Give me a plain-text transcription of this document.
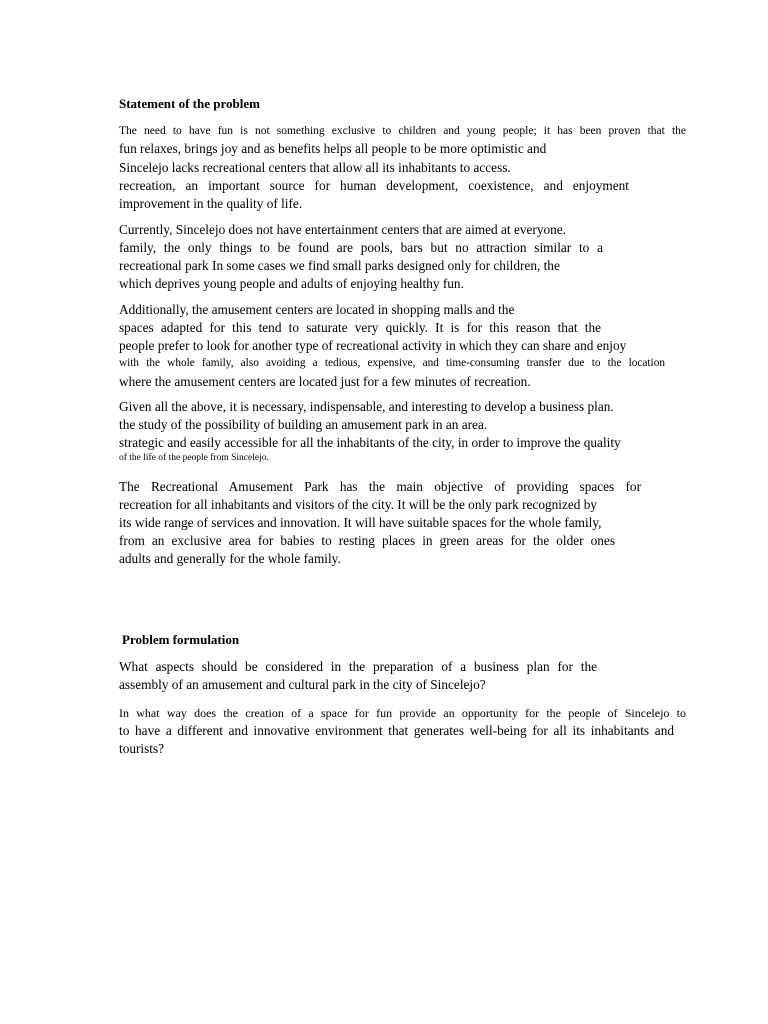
Statement of the problem
The need to have fun is not something exclusive to children and young people; it has been proven that the
fun relaxes, brings joy and as benefits helps all people to be more optimistic and
Sincelejo lacks recreational centers that allow all its inhabitants to access.
recreation, an important source for human development, coexistence, and enjoyment
improvement in the quality of life.
Currently, Sincelejo does not have entertainment centers that are aimed at everyone.
family, the only things to be found are pools, bars but no attraction similar to a
recreational park In some cases we find small parks designed only for children, the
which deprives young people and adults of enjoying healthy fun.
Additionally, the amusement centers are located in shopping malls and the
spaces adapted for this tend to saturate very quickly. It is for this reason that the
people prefer to look for another type of recreational activity in which they can share and enjoy
with the whole family, also avoiding a tedious, expensive, and time-consuming transfer due to the location
where the amusement centers are located just for a few minutes of recreation.
Given all the above, it is necessary, indispensable, and interesting to develop a business plan.
the study of the possibility of building an amusement park in an area.
strategic and easily accessible for all the inhabitants of the city, in order to improve the quality
of the life of the people from Sincelejo.
The Recreational Amusement Park has the main objective of providing spaces for
recreation for all inhabitants and visitors of the city. It will be the only park recognized by
its wide range of services and innovation. It will have suitable spaces for the whole family,
from an exclusive area for babies to resting places in green areas for the older ones
adults and generally for the whole family.
Problem formulation
What aspects should be considered in the preparation of a business plan for the
assembly of an amusement and cultural park in the city of Sincelejo?
In what way does the creation of a space for fun provide an opportunity for the people of Sincelejo to
to have a different and innovative environment that generates well-being for all its inhabitants and
tourists?
